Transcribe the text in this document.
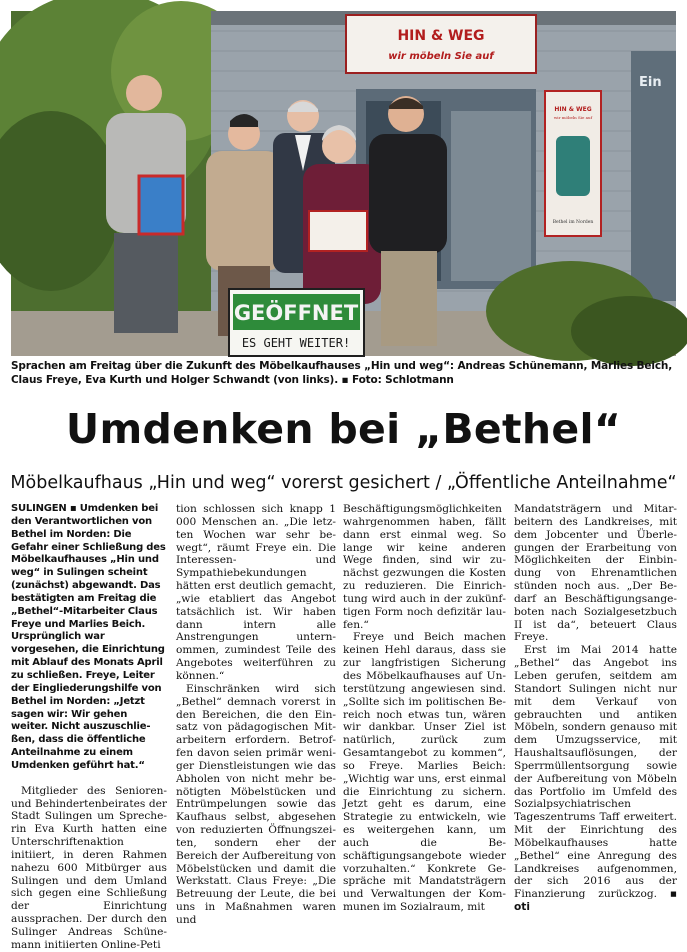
HIN & WEG
wir möbeln Sie auf
Ein
HIN & WEG
wir möbeln Sie auf
Bethel im Norden
GEÖFFNET
ES GEHT WEITER!
Sprachen am Freitag über die Zukunft des Möbelkaufhauses „Hin und weg“: Andreas Schünemann, Marlies Beich, Claus Freye, Eva Kurth und Holger Schwandt (von links). ▪ Foto: Schlotmann
Umdenken bei „Bethel“
Möbelkaufhaus „Hin und weg“ vorerst gesichert / „Öffentliche Anteilnahme“

SULINGEN ▪ Umdenken bei den Verantwortlichen von Bethel im Norden: Die Gefahr einer Schließung des Möbelkaufhauses „Hin und weg“ in Sulingen scheint (zunächst) abgewandt. Das bestätigten am Freitag die „Bethel“-Mitarbeiter Claus Freye und Marlies Beich. Ursprünglich war vorgesehen, die Einrichtung mit Ablauf des Monats April zu schließen. Freye, Leiter der Eingliederungshilfe von Bethel im Norden: „Jetzt sagen wir: Wir gehen weiter. Nicht auszuschließen, dass die öffentliche Anteilnahme zu einem Umdenken geführt hat.“

Mitglieder des Senioren- und Behindertenbeirates der Stadt Sulingen um Sprecherin Eva Kurth hatten eine Unterschriftenaktion initiiert, in deren Rahmen nahezu 600 Mitbürger aus Sulingen und dem Umland sich gegen eine Schließung der Einrichtung aussprachen. Der durch den Sulinger Andreas Schünemann initiierten Online-Peti

tion schlossen sich knapp 1 000 Menschen an. „Die letzten Wochen war sehr bewegt“, räumt Freye ein. Die Interessen- und Sympathiebekundungen hätten erst deutlich gemacht, „wie etabliert das Angebot tatsächlich ist. Wir haben dann intern alle Anstrengungen unternommen, zumindest Teile des Angebotes weiterführen zu können.“

Einschränken wird sich „Bethel“ demnach vorerst in den Bereichen, die den Einsatz von pädagogischen Mitarbeitern erfordern. Betroffen davon seien primär weniger Dienstleistungen wie das Abholen von nicht mehr benötigten Möbelstücken und Entrümpelungen sowie das Kaufhaus selbst, abgesehen von reduzierten Öffnungszeiten, sondern eher der Bereich der Aufbereitung von Möbelstücken und damit die Werkstatt. Claus Freye: „Die Betreuung der Leute, die bei uns in Maßnahmen waren und

Beschäftigungsmöglichkeiten wahrgenommen haben, fällt dann erst einmal weg. So lange wir keine anderen Wege finden, sind wir zunächst gezwungen die Kosten zu reduzieren. Die Einrichtung wird auch in der zukünftigen Form noch defizitär laufen.“

Freye und Beich machen keinen Hehl daraus, dass sie zur langfristigen Sicherung des Möbelkaufhauses auf Unterstützung angewiesen sind. „Sollte sich im politischen Bereich noch etwas tun, wären wir dankbar. Unser Ziel ist natürlich, zurück zum Gesamtangebot zu kommen“, so Freye. Marlies Beich: „Wichtig war uns, erst einmal die Einrichtung zu sichern. Jetzt geht es darum, eine Strategie zu entwickeln, wie es weitergehen kann, um auch die Beschäftigungsangebote wieder vorzuhalten.“ Konkrete Gespräche mit Mandatsträgern und Verwaltungen der Kommunen im Sozialraum, mit

Mandatsträgern und Mitarbeitern des Landkreises, mit dem Jobcenter und Überlegungen der Erarbeitung von Möglichkeiten der Einbindung von Ehrenamtlichen stünden noch aus. „Der Bedarf an Beschäftigungsangeboten nach Sozialgesetzbuch II ist da“, beteuert Claus Freye.

Erst im Mai 2014 hatte „Bethel“ das Angebot ins Leben gerufen, seitdem am Standort Sulingen nicht nur mit dem Verkauf von gebrauchten und antiken Möbeln, sondern genauso mit dem Umzugsservice, mit Haushaltsauflösungen, der Sperrmüllentsorgung sowie der Aufbereitung von Möbeln das Portfolio im Umfeld des Sozialpsychiatrischen Tageszentrums Taff erweitert. Mit der Einrichtung des Möbelkaufhauses hatte „Bethel“ eine Anregung des Landkreises aufgenommen, der sich 2016 aus der Finanzierung zurückzog. ▪ oti
